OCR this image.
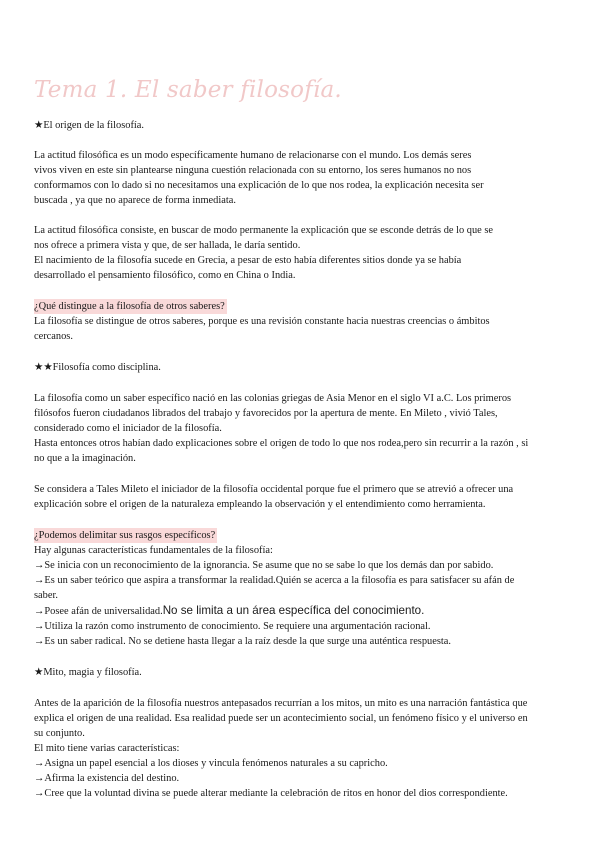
Tema 1. El saber filosofía.

★El origen de la filosofía.

La actitud filosófica es un modo específicamente humano de relacionarse con el mundo. Los demás seres

vivos viven en este sin plantearse ninguna cuestión relacionada con su entorno, los seres humanos no nos

conformamos con lo dado si no necesitamos una explicación de lo que nos rodea, la explicación necesita ser

buscada , ya que no aparece de forma inmediata.

La actitud filosófica consiste, en buscar de modo permanente la explicación que se esconde detrás de lo que se

nos ofrece a primera vista y que, de ser hallada, le daría sentido.

El nacimiento de la filosofía sucede en Grecia, a pesar de esto había diferentes sitios donde ya se había

desarrollado el pensamiento filosófico, como en China o India.

¿Qué distingue a la filosofía de otros saberes?

La filosofía se distingue de otros saberes, porque es una revisión constante hacia nuestras creencias o ámbitos

cercanos.

★★Filosofía como disciplina.

La filosofía como un saber específico nació en las colonias griegas de Asia Menor en el siglo VI a.C. Los primeros

filósofos fueron ciudadanos librados del trabajo y favorecidos por la apertura de mente. En Mileto , vivió Tales,

considerado como el iniciador de la filosofía.

Hasta entonces otros habían dado explicaciones sobre el origen de todo lo que nos rodea,pero sin recurrir a la razón , si

no que a la imaginación.

Se considera a Tales Mileto el iniciador de la filosofía occidental porque fue el primero que se atrevió a ofrecer una

explicación sobre el origen de la naturaleza empleando la observación y el entendimiento como herramienta.

¿Podemos delimitar sus rasgos específicos?

Hay algunas características fundamentales de la filosofía:

→Se inicia con un reconocimiento de la ignorancia. Se asume que no se sabe lo que los demás dan por sabido.

→Es un saber teórico que aspira a transformar la realidad.Quién se acerca a la filosofía es para satisfacer su afán de

saber.

→Posee afán de universalidad.No se limita a un área específica del conocimiento.

→Utiliza la razón como instrumento de conocimiento. Se requiere una argumentación racional.

→Es un saber radical. No se detiene hasta llegar a la raíz desde la que surge una auténtica respuesta.

★Mito, magia y filosofía.

Antes de la aparición de la filosofía nuestros antepasados recurrían a los mitos, un mito es una narración fantástica que

explica el origen de una realidad. Esa realidad puede ser un acontecimiento social, un fenómeno físico y el universo en

su conjunto.

El mito tiene varias características:

→Asigna un papel esencial a los dioses y vincula fenómenos naturales a su capricho.

→Afirma la existencia del destino.

→Cree que la voluntad divina se puede alterar mediante la celebración de ritos en honor del dios correspondiente.
